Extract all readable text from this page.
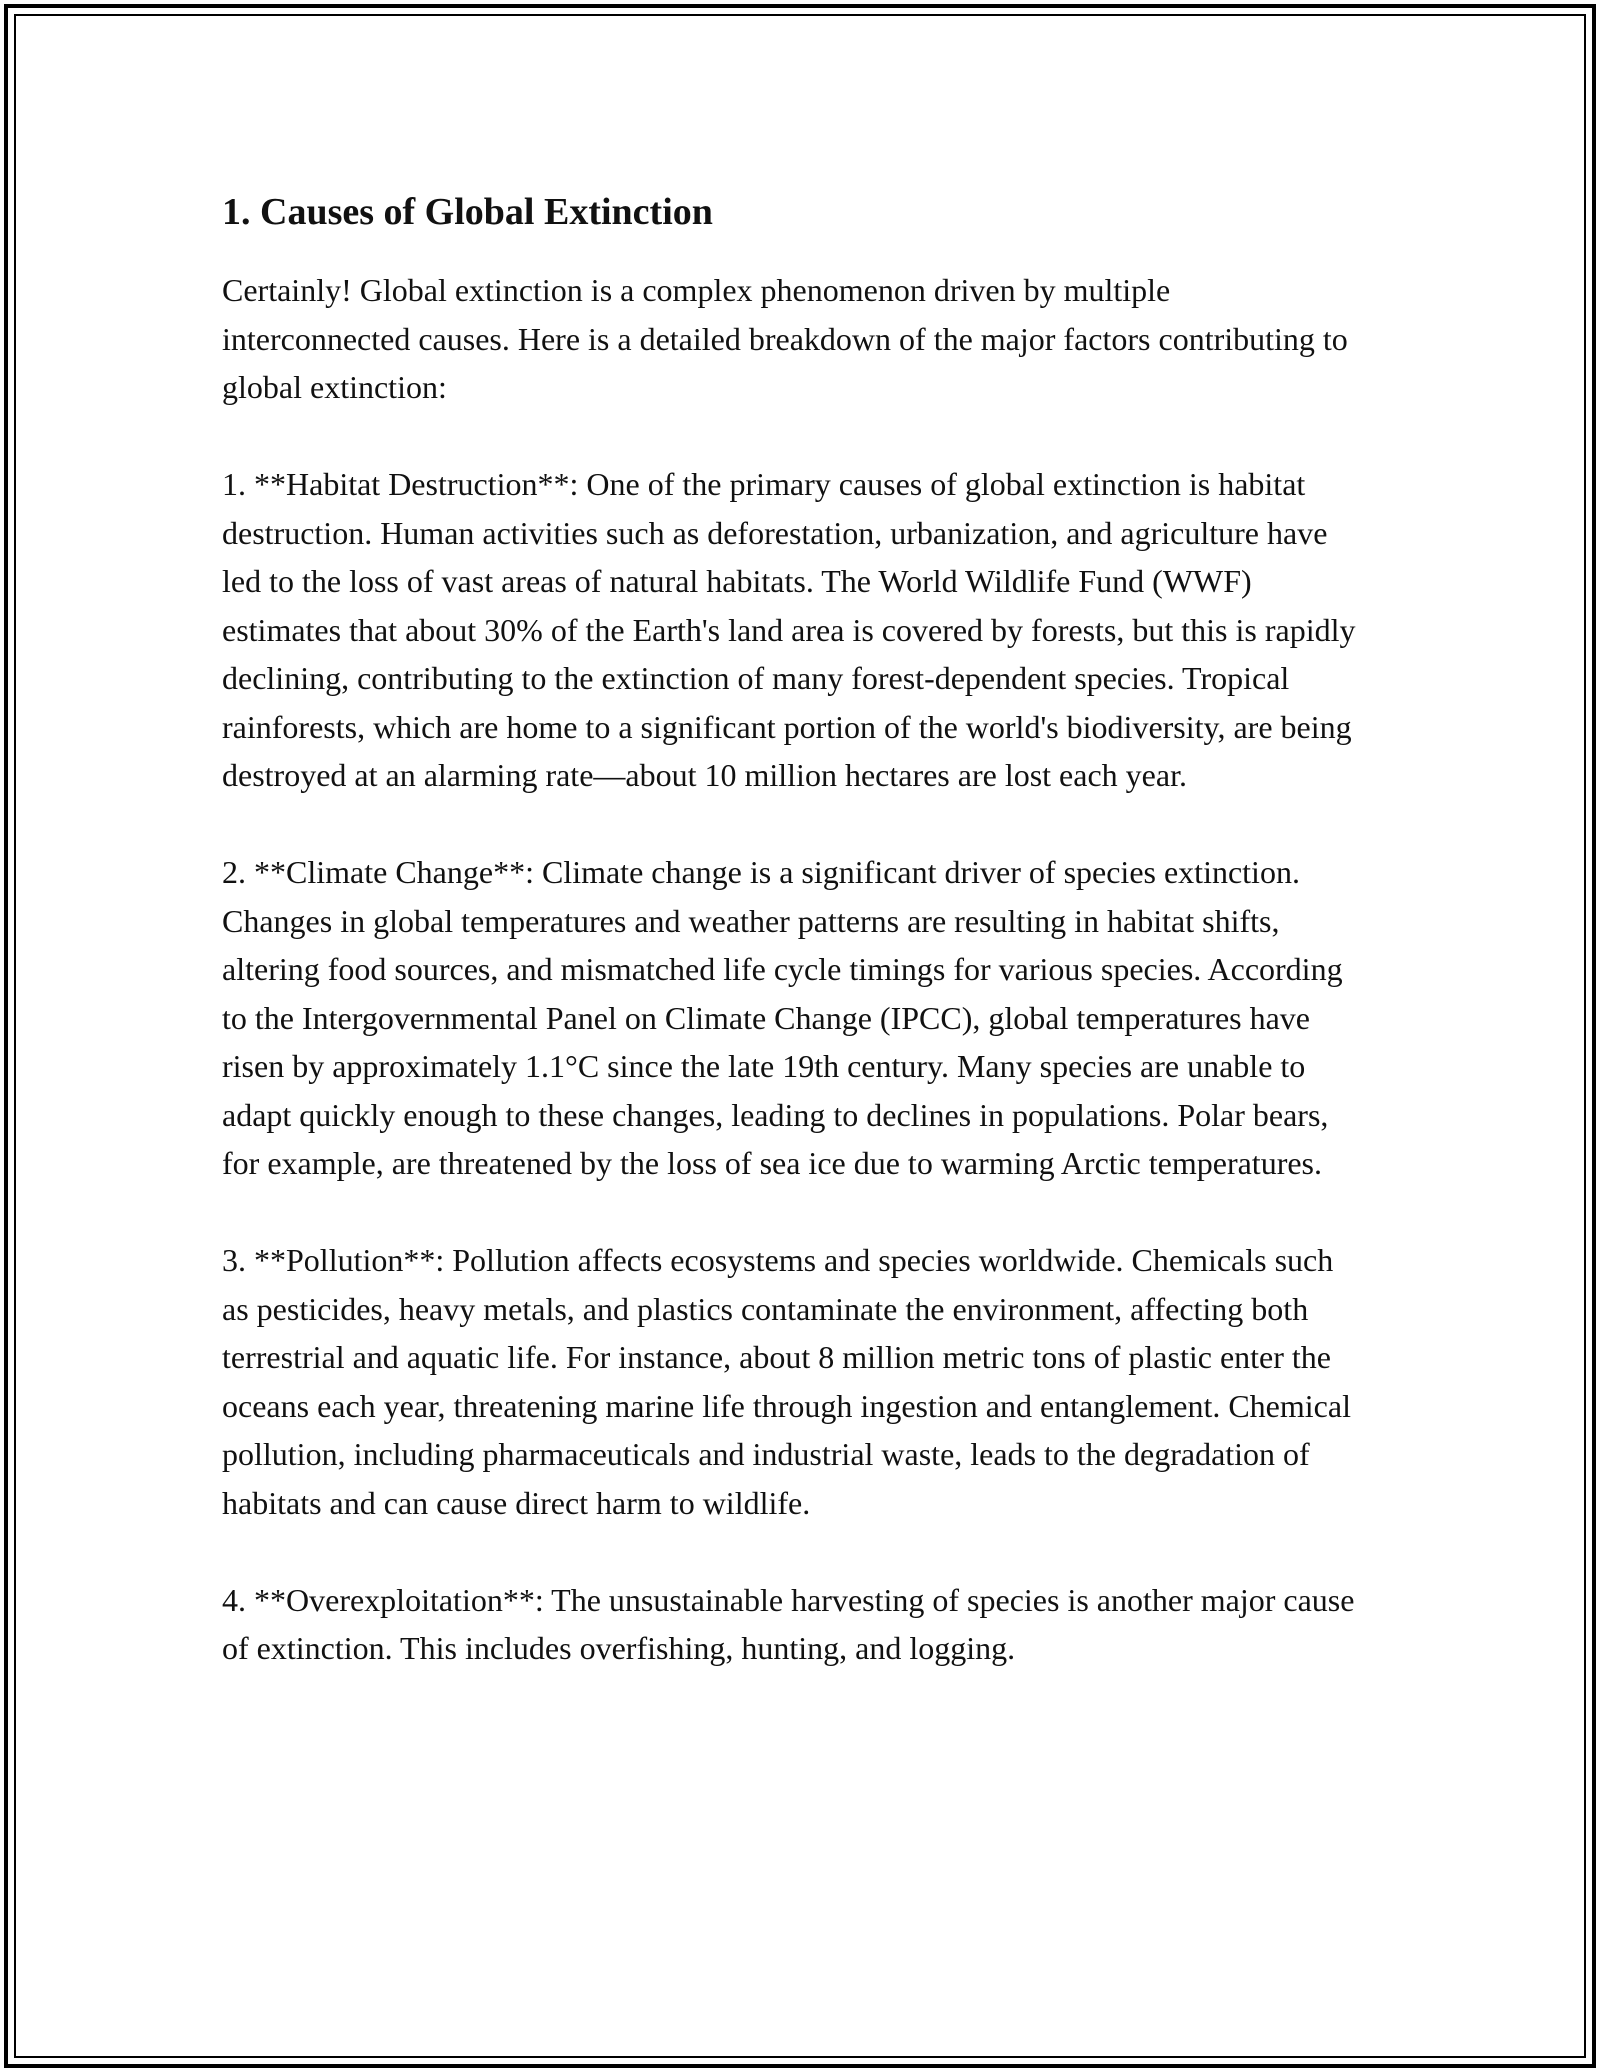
1. Causes of Global Extinction

Certainly! Global extinction is a complex phenomenon driven by multiple interconnected causes. Here is a detailed breakdown of the major factors contributing to global extinction:

1. **Habitat Destruction**: One of the primary causes of global extinction is habitat destruction. Human activities such as deforestation, urbanization, and agriculture have led to the loss of vast areas of natural habitats. The World Wildlife Fund (WWF) estimates that about 30% of the Earth's land area is covered by forests, but this is rapidly declining, contributing to the extinction of many forest-dependent species. Tropical rainforests, which are home to a significant portion of the world's biodiversity, are being destroyed at an alarming rate—about 10 million hectares are lost each year.

2. **Climate Change**: Climate change is a significant driver of species extinction. Changes in global temperatures and weather patterns are resulting in habitat shifts, altering food sources, and mismatched life cycle timings for various species. According to the Intergovernmental Panel on Climate Change (IPCC), global temperatures have risen by approximately 1.1°C since the late 19th century. Many species are unable to adapt quickly enough to these changes, leading to declines in populations. Polar bears, for example, are threatened by the loss of sea ice due to warming Arctic temperatures.

3. **Pollution**: Pollution affects ecosystems and species worldwide. Chemicals such as pesticides, heavy metals, and plastics contaminate the environment, affecting both terrestrial and aquatic life. For instance, about 8 million metric tons of plastic enter the oceans each year, threatening marine life through ingestion and entanglement. Chemical pollution, including pharmaceuticals and industrial waste, leads to the degradation of habitats and can cause direct harm to wildlife.

4. **Overexploitation**: The unsustainable harvesting of species is another major cause of extinction. This includes overfishing, hunting, and logging.
